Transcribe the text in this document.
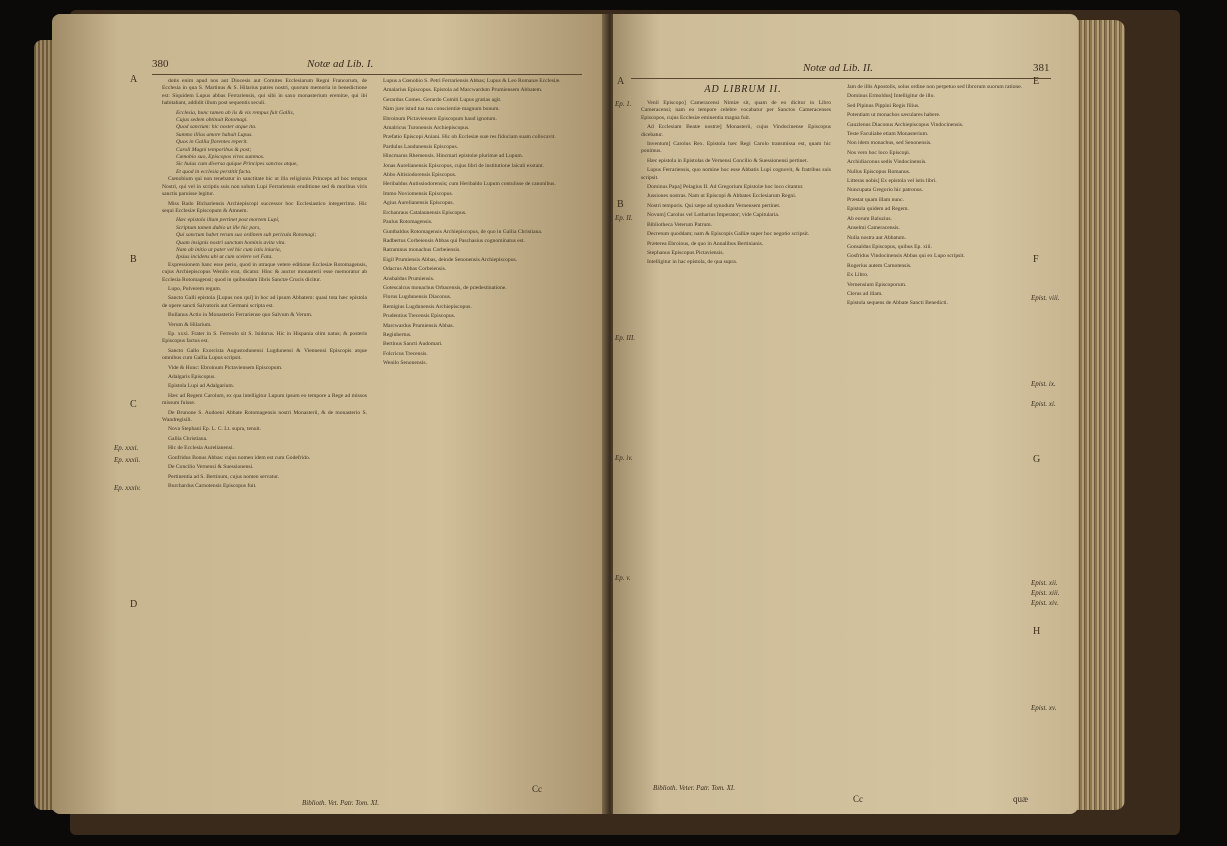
380	Notæ ad Lib. I.
A
B
C
D
Ep. xxxi.
Ep. xxxii.
Ep. xxxiv.

dotis enim apud nos aut Diocesis aut Comites Ecclesiarum Regni Francorum, de Ecclesia in qua S. Martinus & S. Hilarius patres nostri, quorum memoria in benedictione est: Siquidem Lupus abbas Ferrariensis, qui sibi in saxo monasterium eremitæ, qui ibi habitabant, addidit illum post sequentis seculi.

Ecclesia, hunc tamen ab iis & vix rempus fuit Gallis,
Cujus sedem obtinuit Rotomagi.
Quod sanctum: hic noster atque ita.
Summo illius amore habuit Lupus.
Quos in Gallia florentes reperit.
Caroli Magni temporibus & post;
Cœnobio suo, Episcopos viros summos.
Sic huius cum diversa quique Principes sanctos atque,
Et quod in ecclesia perstitit facta.

Cœnobium qui non tenebatur in sanctitate hic ut illa religionis Princeps ad hoc tempus Nostri, qui vel in scriptis suis non solum Lupi Ferrariensis eruditione sed & moribus viris sanctis paruisse legitur.

Miss Bado Bichariensis Archiepiscopi successor hoc Ecclesiastico integerrimo. Hic sequi Ecclesiæ Episcopum & Amnem.

Hæc epistola illum pertinet post mortem Lupi,
Scriptum tamen dubio ut ille hic pars,
Qui sanctum habet rerum suo ordinem sub pericula Rotomagi;
Quam insignis nostri sanctum hominis avita vita.
Nam ab initio ut pater vel hic cum istis iniuria,
Ipsius incidens ubi ut cum scelere vel Fata.

Expressionem hanc esse perio, quod in utraque vetere editione Ecclesiæ Rotomagensis, cujus Archiepiscopus Wenilo erat, dicatur. Hinc & auctor monasterii esse memoratur ab Ecclesia Rotomagensi; quod in quibusdam libris Sanctæ Crucis dicitur.

Lupo, Pulverem regum.

Sancto Galli epistola [Lupus non qui] in hoc ad ipsum Abbatem: quasi tota hæc epistola de opere sancti Salvatoris aut Germani scripta est.

Bullanus Actio in Monasterio Ferrariense quo Salvum & Verum.

Verum & Hilarium.

Ep. xxxi. Frater in S. Ferreolo sit S. Isidorus. Hic in Hispania olim natus; & posteris Episcopus factus est.

Sancto Gallo Exorcista Augustodunensi Lugdunensi & Viennensi Episcopis atque omnibus cum Gallia Lupus scripsit.

Vide & Hunc: Ebroinum Pictaviensem Episcopum.

Adalgaris Episcopus.

Epistola Lupi ad Adalgarium.

Hæc ad Regem Carolum, ex qua intelligitur Lupum ipsum eo tempore a Rege ad missos missum fuisse.

De Brunone S. Audoeni Abbate Rotomagensis nostri Monasterii, & de monasterio S. Wandregisili.

Nova Stephani Ep. L. C. Lt. supra, tenuit.

Gallia Christiana.

Hic de Ecclesia Aurelianensi.

Gonfridus Bonus Abbas: cujus nomen idem est cum Godefrido.

De Concilio Vernensi & Suessionensi.

Pertinentia ad S. Bertinum, cujus nomen servatur.

Burchardus Carnotensis Episcopus fuit.

Lupus a Cœnobio S. Petri Ferrariensis Abbas; Lupus & Leo Romanæ Ecclesiæ.

Amalarius Episcopus. Epistola ad Marcwardum Prumiensem Abbatem.

Gerardus Comes. Gerardo Comiti Lupus gratias agit.

Nam jure istud tua tua conscientiæ magnum bonum.

Ebroinum Pictaviensem Episcopum haud ignotum.

Amalricus Turonensis Archiepiscopus.

Præfatio Episcopi Aniani. Hic ob Ecclesiæ suæ res fiduciam suam collocavit.

Pardulus Laudunensis Episcopus.

Hincmarus Rhemensis. Hincmari epistolæ plurimæ ad Lupum.

Jonas Aurelianensis Episcopus, cujus libri de institutione laicali exstant.

Abbo Altisiodorensis Episcopus.

Heribaldus Autissiodorensis; cum Heribaldo Lupum contulisse de canonibus.

Immo Noviomensis Episcopus.

Agius Aurelianensis Episcopus.

Erchanraus Catalaunensis Episcopus.

Paulus Rotomagensis.

Guntbaldus Rotomagensis Archiepiscopus, de quo in Gallia Christiana.

Radbertus Corbeiensis Abbas qui Paschasius cognominatus est.

Ratramnus monachus Corbeiensis.

Eigil Prumiensis Abbas, deinde Senonensis Archiepiscopus.

Odacrus Abbas Corbeiensis.

Ansbaldus Prumiensis.

Gotescalcus monachus Orbacensis, de prædestinatione.

Florus Lugdunensis Diaconus.

Remigius Lugdunensis Archiepiscopus.

Prudentius Trecensis Episcopus.

Marcwardus Prumiensis Abbas.

Reginbertus.

Bertinus Sancti Audomari.

Folcricus Trecensis.

Wenilo Senonensis.

Cc
Biblioth. Vet. Patr. Tom. XI.
Notæ ad Lib. II.	381
AD LIBRUM II.
A
B
Ep. 1.
Ep. II.
Ep. III.
Ep. iv.
Ep. v.

Venil Episcopo] Cameracensi Nimiæ sit, quam de eo dicitur in Libro Cameracensi; nam eo tempore celebre vocabatur per Sanctos Cameracenses Episcopos, cujus Ecclesiæ eminentia magna fuit.

Ad Ecclesiam Beatæ nostræ] Monasterii, cujus Vindocinense Episcopus dicebatur.

Inventum] Carolus Rex. Epistola hæc Regi Carolo transmissa est, quam hic ponimus.

Hæc epistola in Epistolas de Vernensi Concilio & Suessionensi pertinet.

Lupus Ferrariensis, quo nomine hoc esse Abbatis Lupi cognovit, & fratribus suis scripsit.

Dominus Papa] Pelagius II. Ad Gregorium Epistolæ hoc loco citantur.

Jussiones nostras. Nam ut Episcopi & Abbates Ecclesiarum Regni.

Nostri temporis. Qui sæpe ad synodum Vernensem pertinet.

Novum] Carolus vel Lotharius Imperator; vide Capitularia.

Bibliotheca Veterum Patrum.

Decretum quoddam; nam & Episcopis Galliæ super hoc negotio scripsit.

Præterea Ebroinus, de quo in Annalibus Bertinianis.

Stephanus Episcopus Pictaviensis.

Intelligitur in hac epistola, de qua supra.

Jam de illis Apostolis, solus ordine non perpetuo sed librorum suorum ratione.

Dominus Ermoldus] Intelligitur de illo.

Sed Pipinus Pippini Regis filius.

Potentiam ut monachos sæculares habere.

Gauzlenus Diaconus Archiepiscopus Vindocinensis.

Teste Faculiabe etiam Monasterium.

Non idem monachus, sed Senonensis.

Nos vero hoc loco Episcopi.

Archidiaconus sedis Vindocinensis.

Nullus Episcopus Romanus.

Litteras nobis] Ex epistola vel istis libri.

Nuncupata Gregorio hic patronus.

Præstat quam illam nunc.

Epistola quidem ad Regem.

Ab eorum Baluzius.

Anselmi Cameracensis.

Nulla nostra aut Abbatum.

Gonsaldus Episcopus, quibus Ep. xiii.

Gosfridus Vindocinensis Abbas qui ex Lupo scripsit.

Rogerius autem Carnotensis.

Ex Libro.

Vernensium Episcoporum.

Clerus ad illam.

Epistola sequens de Abbate Sancti Benedicti.

E
F
G
H
Epist. viii.
Epist. ix.
Epist. xi.
Epist. xii.
Epist. xiii.
Epist. xiv.
Epist. xv.
Biblioth. Veter. Patr. Tom. XI.
Cc	quæ
